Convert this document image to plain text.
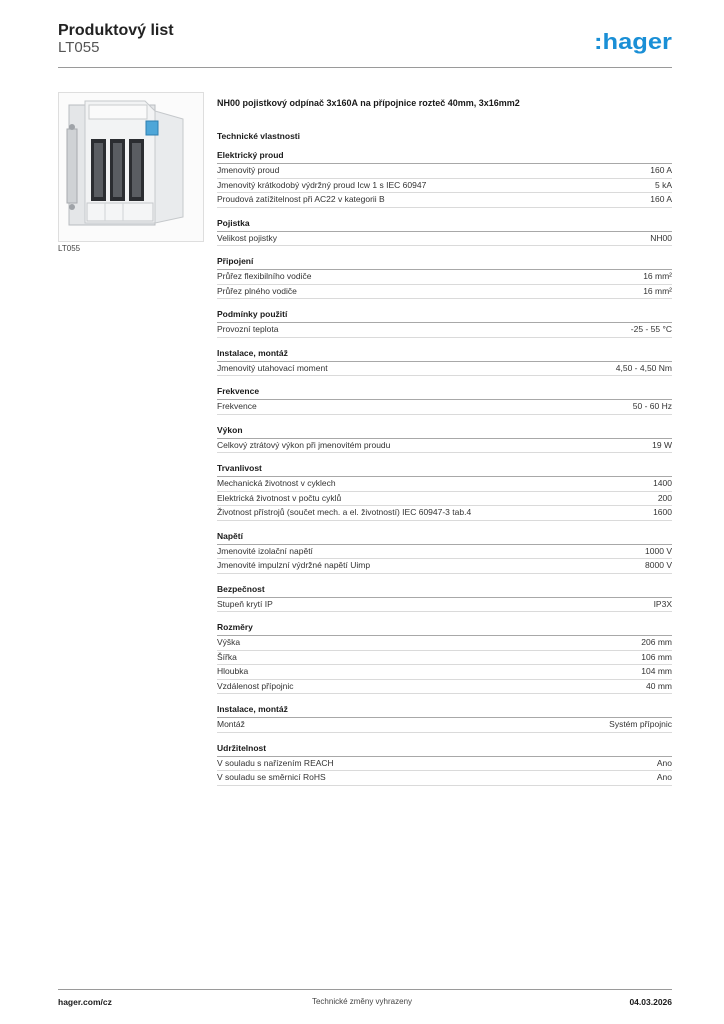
Produktový list
LT055	:hager
LT055
NH00 pojistkový odpínač 3x160A na přípojnice rozteč 40mm, 3x16mm2
Technické vlastnosti
Elektrický proud
Jmenovitý proud	160 A
Jmenovitý krátkodobý výdržný proud Icw 1 s IEC 60947	5 kA
Proudová zatížitelnost při AC22 v kategorii B	160 A
Pojistka
Velikost pojistky	NH00
Připojení
Průřez flexibilního vodiče	16 mm²
Průřez plného vodiče	16 mm²
Podmínky použití
Provozní teplota	-25 - 55 °C
Instalace, montáž
Jmenovitý utahovací moment	4,50 - 4,50 Nm
Frekvence
Frekvence	50 - 60 Hz
Výkon
Celkový ztrátový výkon při jmenovitém proudu	19 W
Trvanlivost
Mechanická životnost v cyklech	1400
Elektrická životnost v počtu cyklů	200
Životnost přístrojů (součet mech. a el. životností) IEC 60947-3 tab.4	1600
Napětí
Jmenovité izolační napětí	1000 V
Jmenovité impulzní výdržné napětí Uimp	8000 V
Bezpečnost
Stupeň krytí IP	IP3X
Rozměry
Výška	206 mm
Šířka	106 mm
Hloubka	104 mm
Vzdálenost přípojnic	40 mm
Instalace, montáž
Montáž	Systém přípojnic
Udržitelnost
V souladu s nařízením REACH	Ano
V souladu se směrnicí RoHS	Ano
hager.com/cz	Technické změny vyhrazeny	04.03.2026
